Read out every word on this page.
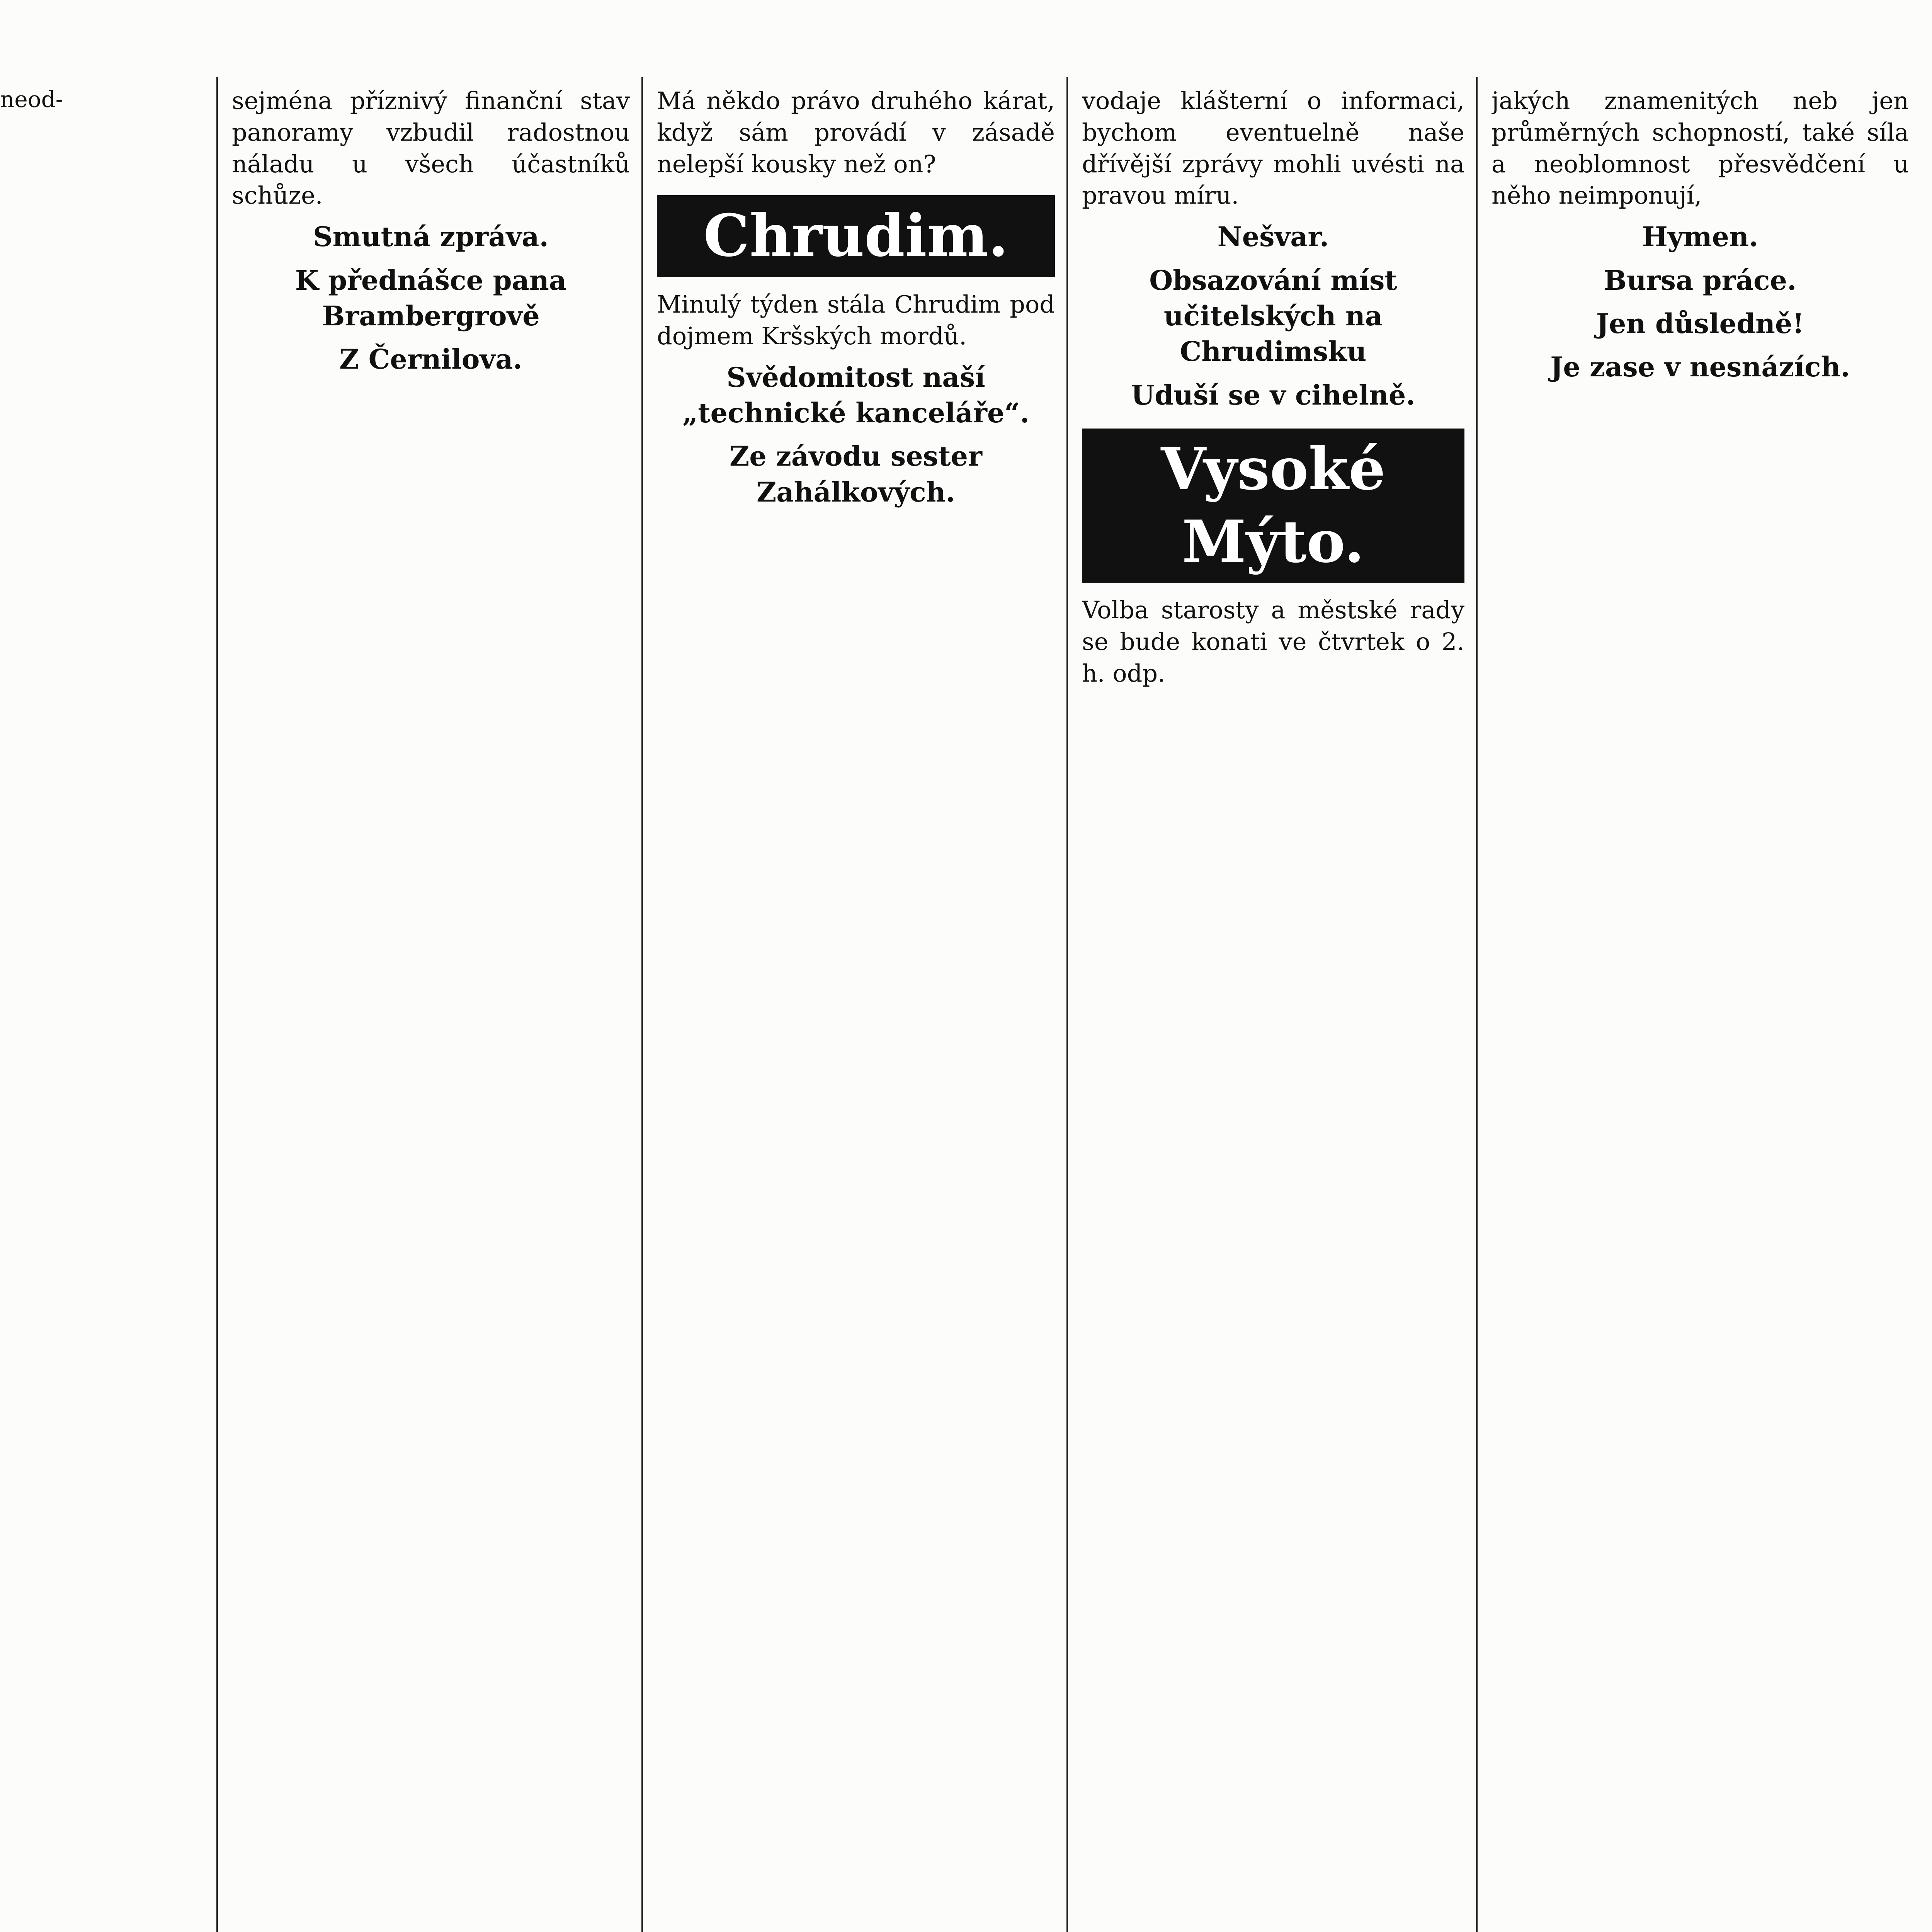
neod-	sejména příznivý finanční stav panoramy vzbudil radostnou náladu u všech účastníků schůze.
Smutná zpráva.
K přednášce pana Brambergrově
Z Černilova.
Má někdo právo druhého kárat, když sám provádí v zásadě nelepší kousky než on?
Chrudim.
Minulý týden stála Chrudim pod dojmem Kršských mordů.
Svědomitost naší „technické kanceláře“.
Ze závodu sester Zahálkových.
vodaje klášterní o informaci, bychom eventuelně naše dřívější zprávy mohli uvésti na pravou míru.
Nešvar.
Obsazování míst učitelských na Chrudimsku
Uduší se v cihelně.
Vysoké Mýto.
Volba starosty a městské rady se bude konati ve čtvrtek o 2. h. odp.
jakých znamenitých neb jen průměrných schopností, také síla a neoblomnost přesvědčení u něho neimponují,
Hymen.
Bursa práce.
Jen důsledně!
Je zase v nesnázích.
